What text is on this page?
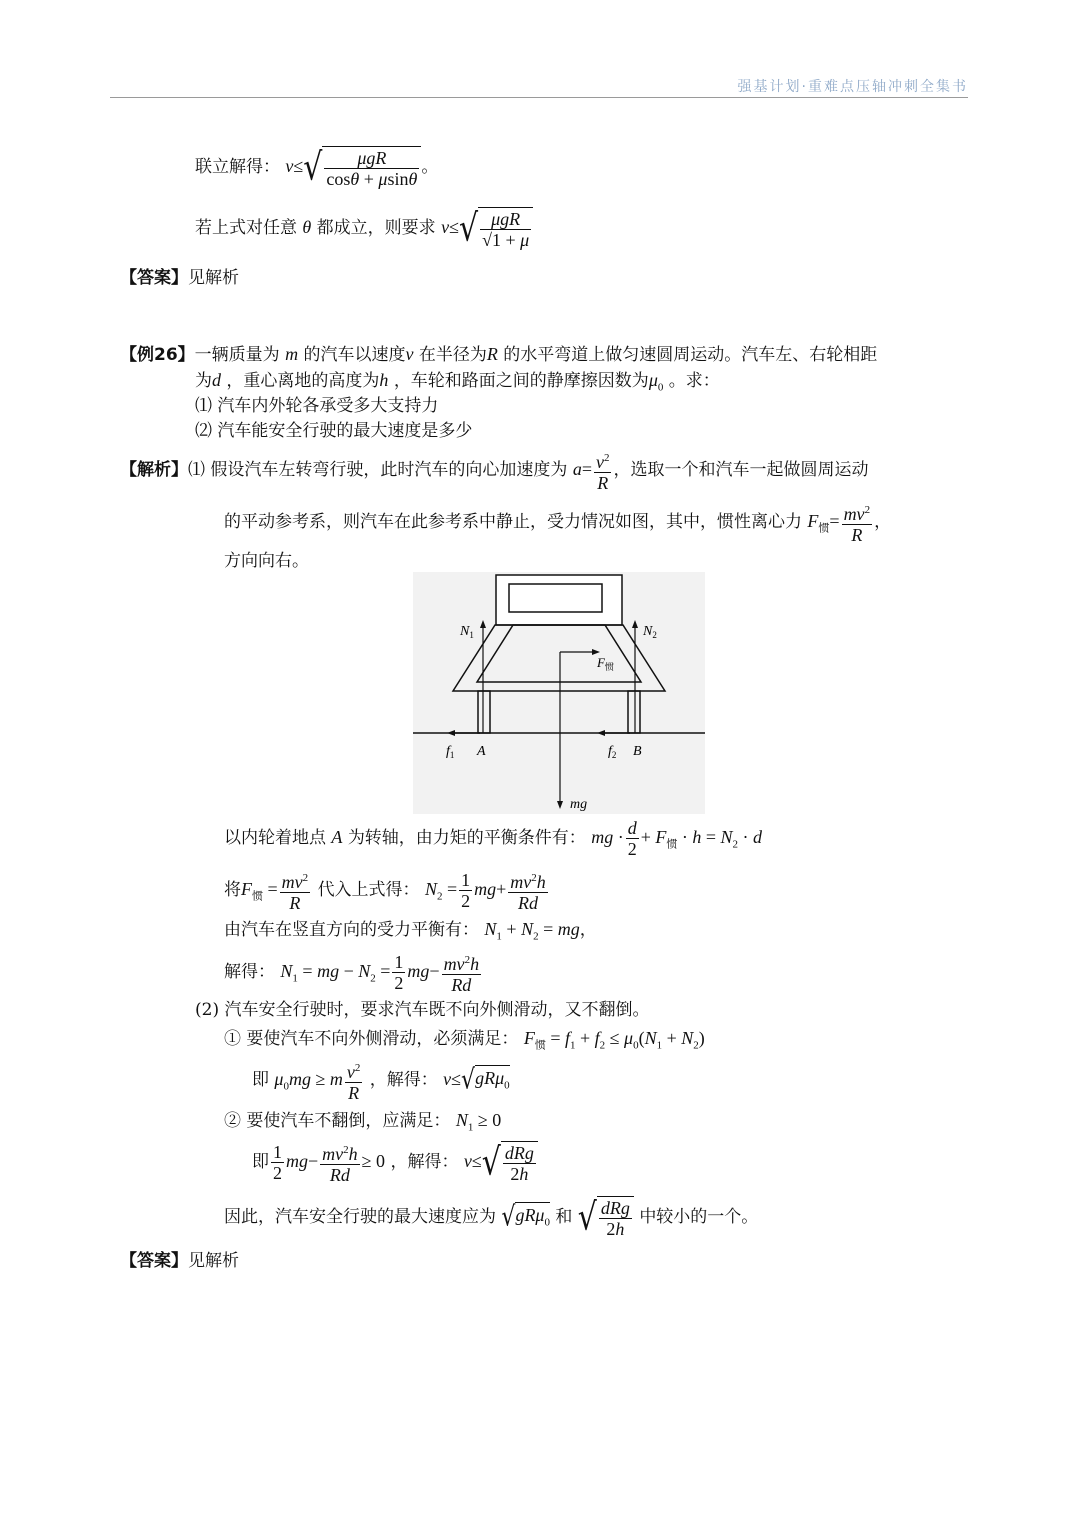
强基计划·重难点压轴冲刺全集书
联立解得： $v\le√ \frac{\text{μgR}}{\cos\theta + \mu\sin\theta}$ 。
若上式对任意 θ 都成立，则要求 $v\le√ \frac{\text{μgR}}{√1 + \mu}$
【答案】见解析
【例26】一辆质量为 m 的汽车以速度v 在半径为R 的水平弯道上做匀速圆周运动。汽车左、右轮相距
为d ，重心离地的高度为h ，车轮和路面之间的静摩擦因数为$\mu_0$ 。求：
⑴ 汽车内外轮各承受多大支持力
⑵ 汽车能安全行驶的最大速度是多少
【解析】⑴ 假设汽车左转弯行驶，此时汽车的向心加速度为 $a= \frac{v^2}{R}$ ，选取一个和汽车一起做圆周运动
的平动参考系，则汽车在此参考系中静止，受力情况如图，其中，惯性离心力 $F_惯= \frac{mv^2}{R}$ ，
方向向右。
$N_1$	$N_2$
$F_惯$
$f_1$ A	$f_2$ B
mg
以内轮着地点 A 为转轴，由力矩的平衡条件有： mg · $\frac{d}{2} + F_惯 \cdot h = N_2 \cdot d$
将$F_惯 = \frac{mv^2}{R}$ 代入上式得： $N_2 = \frac{1}{2} mg+ \frac{mv^2h}{Rd}$
由汽车在竖直方向的受力平衡有： $N_1 + N_2$ = mg，
解得： $N_1$ = mg − $N_2 = \frac{1}{2} mg- \frac{mv^2h}{Rd}$
(2) 汽车安全行驶时，要求汽车既不向外侧滑动，又不翻倒。
① 要使汽车不向外侧滑动，必须满足： $F_惯 = f_1 + f_2 \le \mu_0(N_1 + N_2)$
即 $\mu_0mg \ge m \frac{v^2}{R}$ ，解得： v≤√gRμ$_0$
② 要使汽车不翻倒，应满足： $N_1 \ge 0$
即 $\frac{1}{2} mg- \frac{mv^2h}{Rd} \ge 0$ ，解得： $v\le√ \frac{\text{dRg}}{2h}$
因此，汽车安全行驶的最大速度应为 √gRμ$_0$ 和 √ $\frac{\text{dRg}}{2h}$ 中较小的一个。
【答案】见解析
